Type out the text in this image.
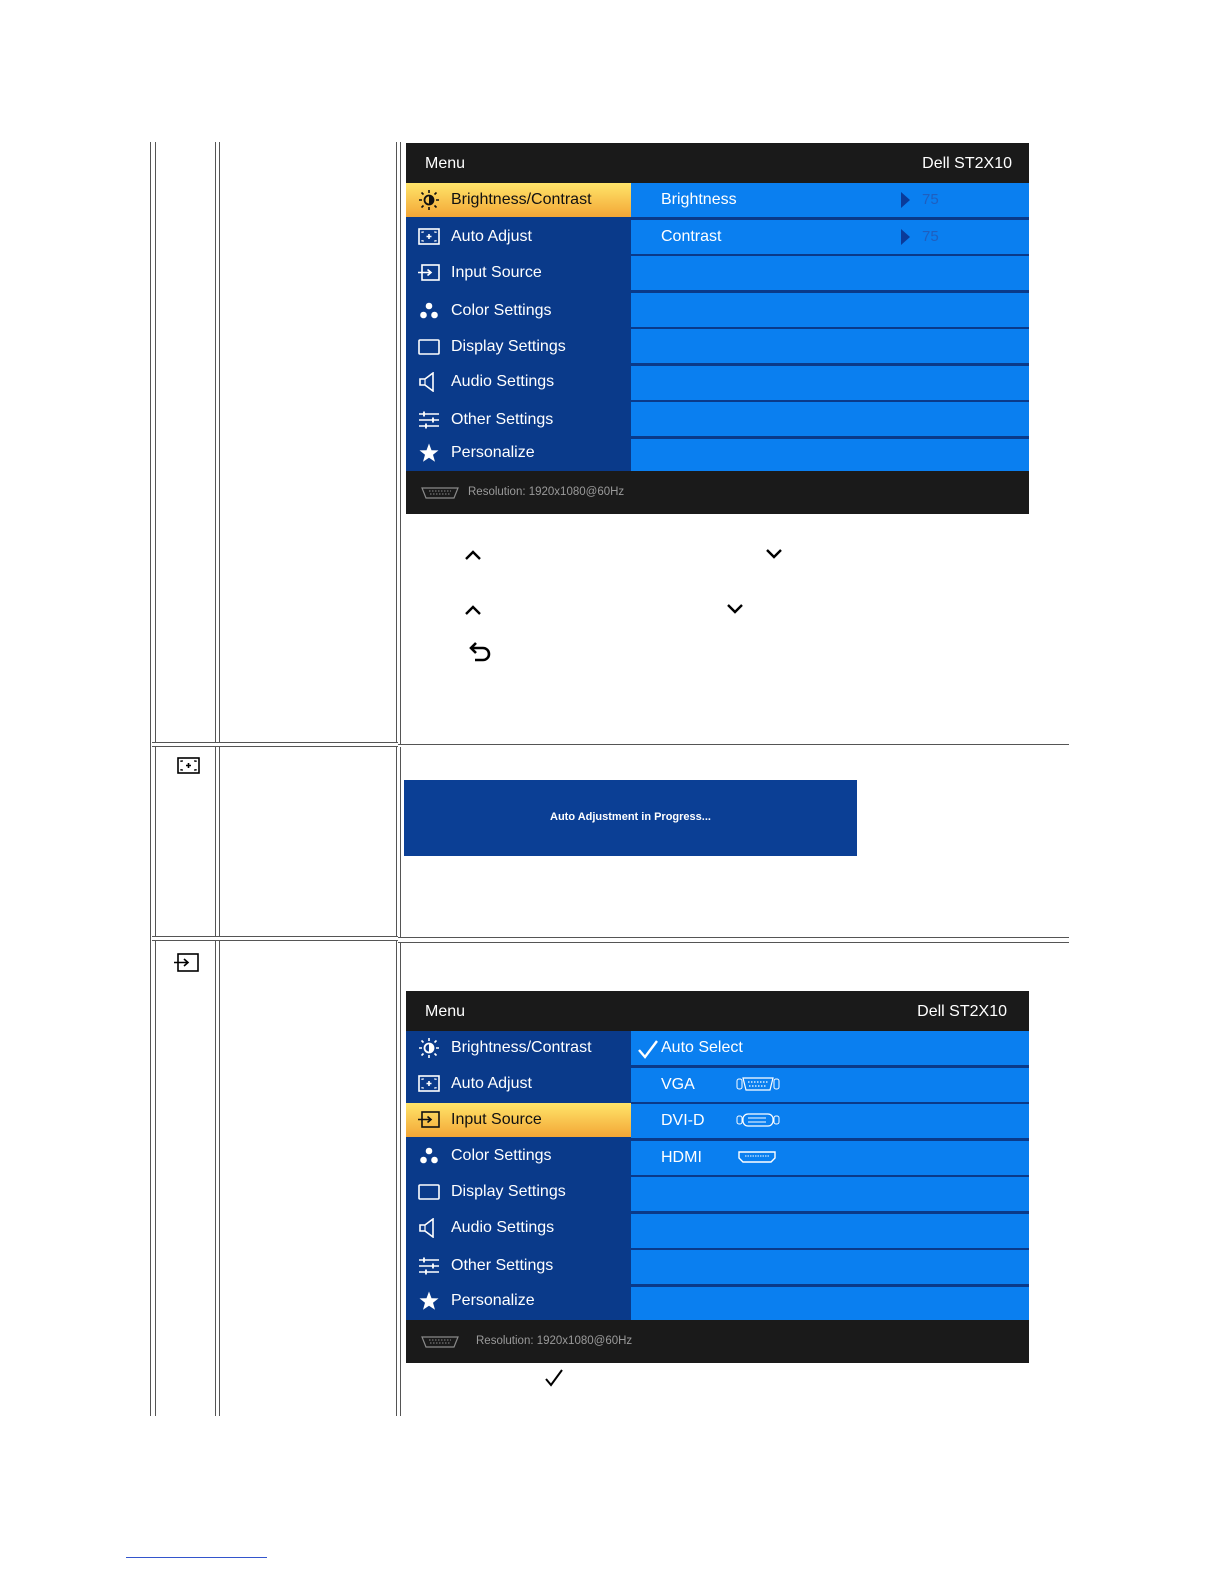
Menu	Dell ST2X10
Brightness/Contrast
Auto Adjust
Input Source
Color Settings
Display Settings
Audio Settings
Other Settings
Personalize
Brightness	75
Contrast	75
Resolution: 1920x1080@60Hz
Menu	Dell ST2X10
Brightness/Contrast
Auto Adjust
Input Source
Color Settings
Display Settings
Audio Settings
Other Settings
Personalize
Auto Select
VGA
DVI-D
HDMI
Resolution: 1920x1080@60Hz
Auto Adjustment in Progress...
